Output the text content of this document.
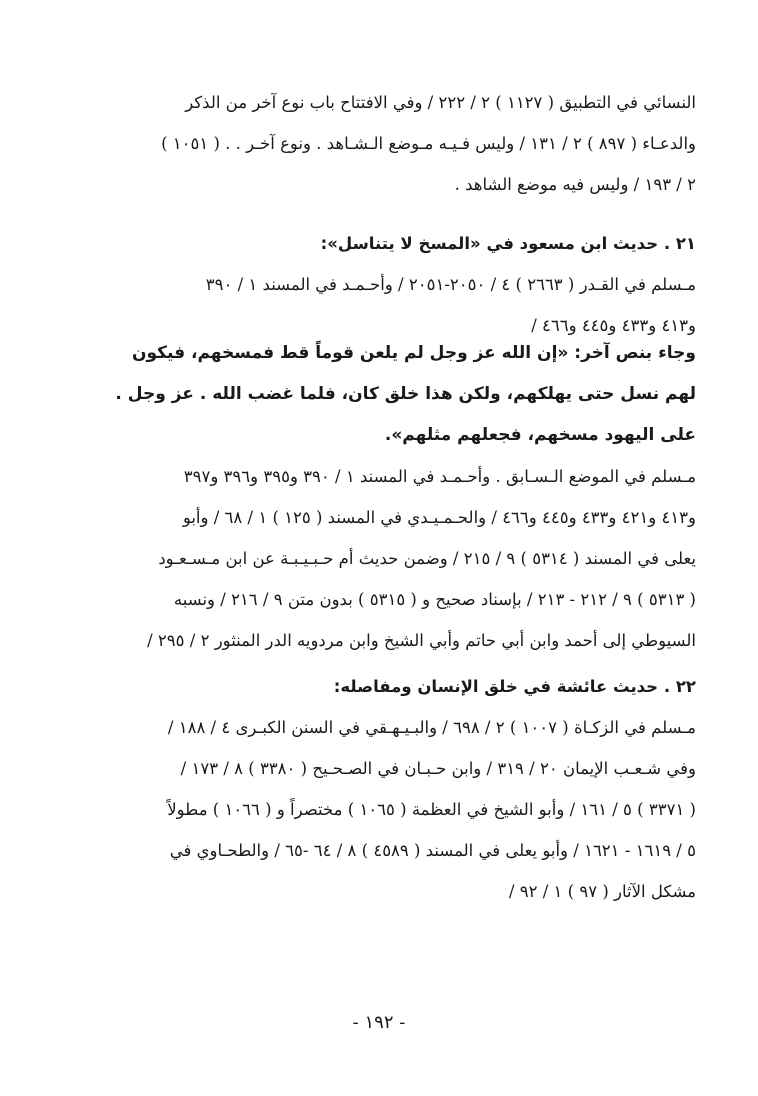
النسائي في التطبيق ( ١١٢٧ ) ٢ / ٢٢٢ / وفي الافتتاح باب نوع آخر من الذكر
والدعـاء ( ٨٩٧ ) ٢ / ١٣١ / وليس فـيـه مـوضع الـشـاهد . ونوع آخـر . . ( ١٠٥١ )
٢ / ١٩٣ / وليس فيه موضع الشاهد .
٢١ . حديث ابن مسعود في «المسخ لا يتناسل»:
مـسلم في القـدر ( ٢٦٦٣ ) ٤ / ٢٠٥٠-٢٠٥١ / وأحـمـد في المسند ١ / ٣٩٠
و٤١٣ و٤٣٣ و٤٤٥ و٤٦٦ /
وجاء بنص آخر: «إن الله عز وجل لم يلعن قوماً قط فمسخهم، فيكون
لهم نسل حتى يهلكهم، ولكن هذا خلق كان، فلما غضب الله . عز وجل .
على اليهود مسخهم، فجعلهم مثلهم».
مـسلم في الموضع الـسـابق . وأحـمـد في المسند ١ / ٣٩٠ و٣٩٥ و٣٩٦ و٣٩٧
و٤١٣ و٤٢١ و٤٣٣ و٤٤٥ و٤٦٦ / والحـمـيـدي في المسند ( ١٢٥ ) ١ / ٦٨ / وأبو
يعلى في المسند ( ٥٣١٤ ) ٩ / ٢١٥ / وضمن حديث أم حـبـيـبـة عن ابن مـسـعـود
( ٥٣١٣ ) ٩ / ٢١٢ - ٢١٣ / بإسناد صحيح و ( ٥٣١٥ ) بدون متن ٩ / ٢١٦ / ونسبه
السيوطي إلى أحمد وابن أبي حاتم وأبي الشيخ وابن مردويه الدر المنثور ٢ / ٢٩٥ /
٢٢ . حديث عائشة في خلق الإنسان ومفاصله:
مـسلم في الزكـاة ( ١٠٠٧ ) ٢ / ٦٩٨ / والبـيـهـقي في السنن الكبـرى ٤ / ١٨٨ /
وفي شـعـب الإيمان ٢٠ / ٣١٩ / وابن حـبـان في الصـحـيح ( ٣٣٨٠ ) ٨ / ١٧٣ /
( ٣٣٧١ ) ٥ / ١٦١ / وأبو الشيخ في العظمة ( ١٠٦٥ ) مختصراً و ( ١٠٦٦ ) مطولاً
٥ / ١٦١٩ - ١٦٢١ / وأبو يعلى في المسند ( ٤٥٨٩ ) ٨ / ٦٤ -٦٥ / والطحـاوي في
مشكل الآثار ( ٩٧ ) ١ / ٩٢ /
- ١٩٢ -
